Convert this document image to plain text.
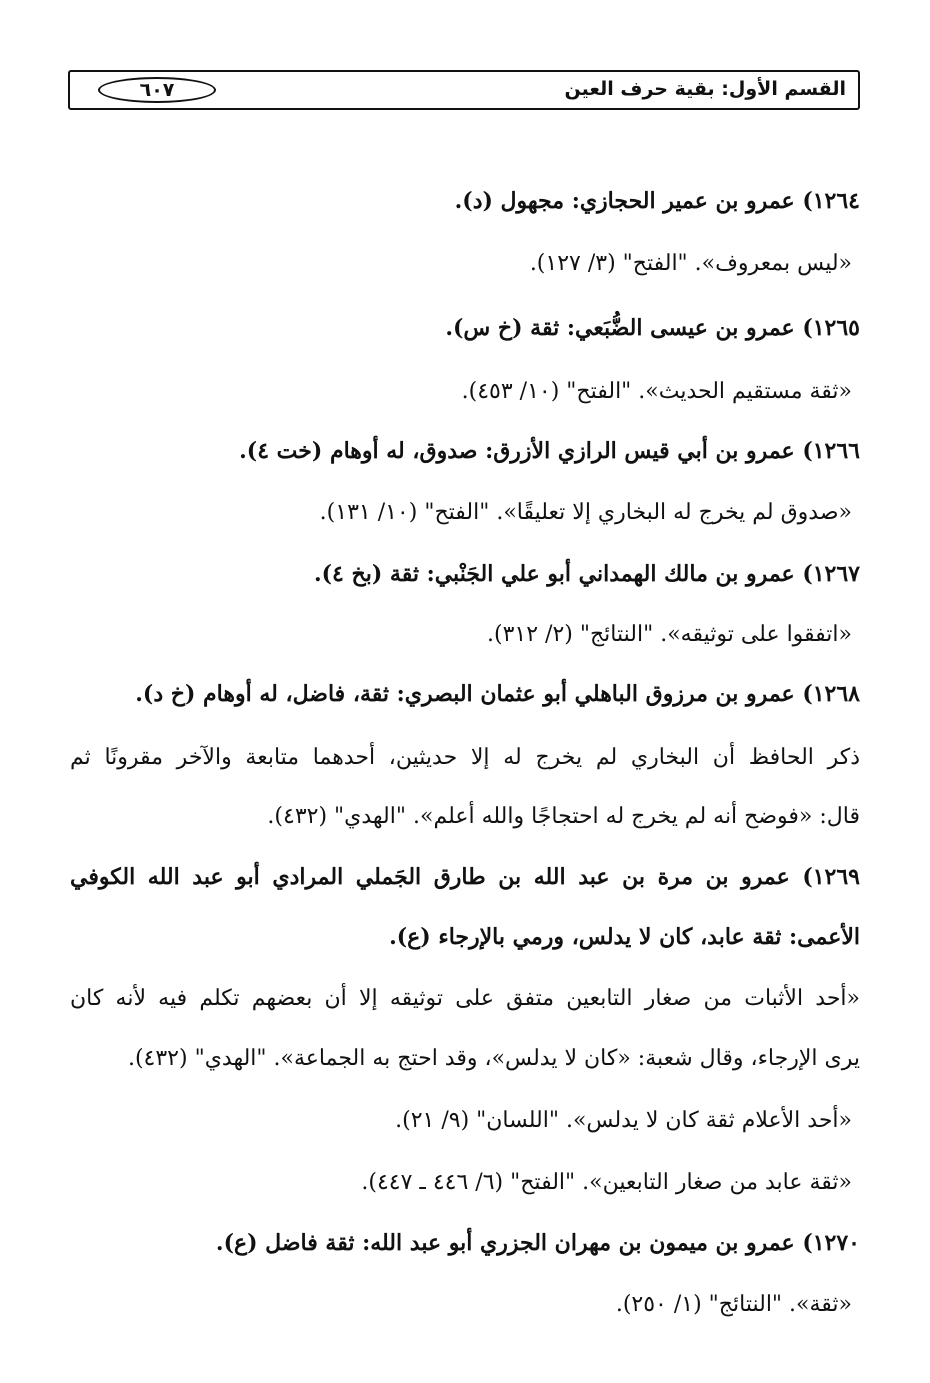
القسم الأول: بقية حرف العين
٦٠٧
١٢٦٤) عمرو بن عمير الحجازي: مجهول (د).
«ليس بمعروف». "الفتح" (٣/ ١٢٧).
١٢٦٥) عمرو بن عيسى الضُّبَعي: ثقة (خ س).
«ثقة مستقيم الحديث». "الفتح" (١٠/ ٤٥٣).
١٢٦٦) عمرو بن أبي قيس الرازي الأزرق: صدوق، له أوهام (خت ٤).
«صدوق لم يخرج له البخاري إلا تعليقًا». "الفتح" (١٠/ ١٣١).
١٢٦٧) عمرو بن مالك الهمداني أبو علي الجَنْبي: ثقة (بخ ٤).
«اتفقوا على توثيقه». "النتائج" (٢/ ٣١٢).
١٢٦٨) عمرو بن مرزوق الباهلي أبو عثمان البصري: ثقة، فاضل، له أوهام (خ د).
ذكر الحافظ أن البخاري لم يخرج له إلا حديثين، أحدهما متابعة والآخر مقرونًا ثم
قال: «فوضح أنه لم يخرج له احتجاجًا والله أعلم». "الهدي" (٤٣٢).
١٢٦٩) عمرو بن مرة بن عبد الله بن طارق الجَملي المرادي أبو عبد الله الكوفي
الأعمى: ثقة عابد، كان لا يدلس، ورمي بالإرجاء (ع).
«أحد الأثبات من صغار التابعين متفق على توثيقه إلا أن بعضهم تكلم فيه لأنه كان
يرى الإرجاء، وقال شعبة: «كان لا يدلس»، وقد احتج به الجماعة». "الهدي" (٤٣٢).
«أحد الأعلام ثقة كان لا يدلس». "اللسان" (٩/ ٢١).
«ثقة عابد من صغار التابعين». "الفتح" (٦/ ٤٤٦ ـ ٤٤٧).
١٢٧٠) عمرو بن ميمون بن مهران الجزري أبو عبد الله: ثقة فاضل (ع).
«ثقة». "النتائج" (١/ ٢٥٠).
